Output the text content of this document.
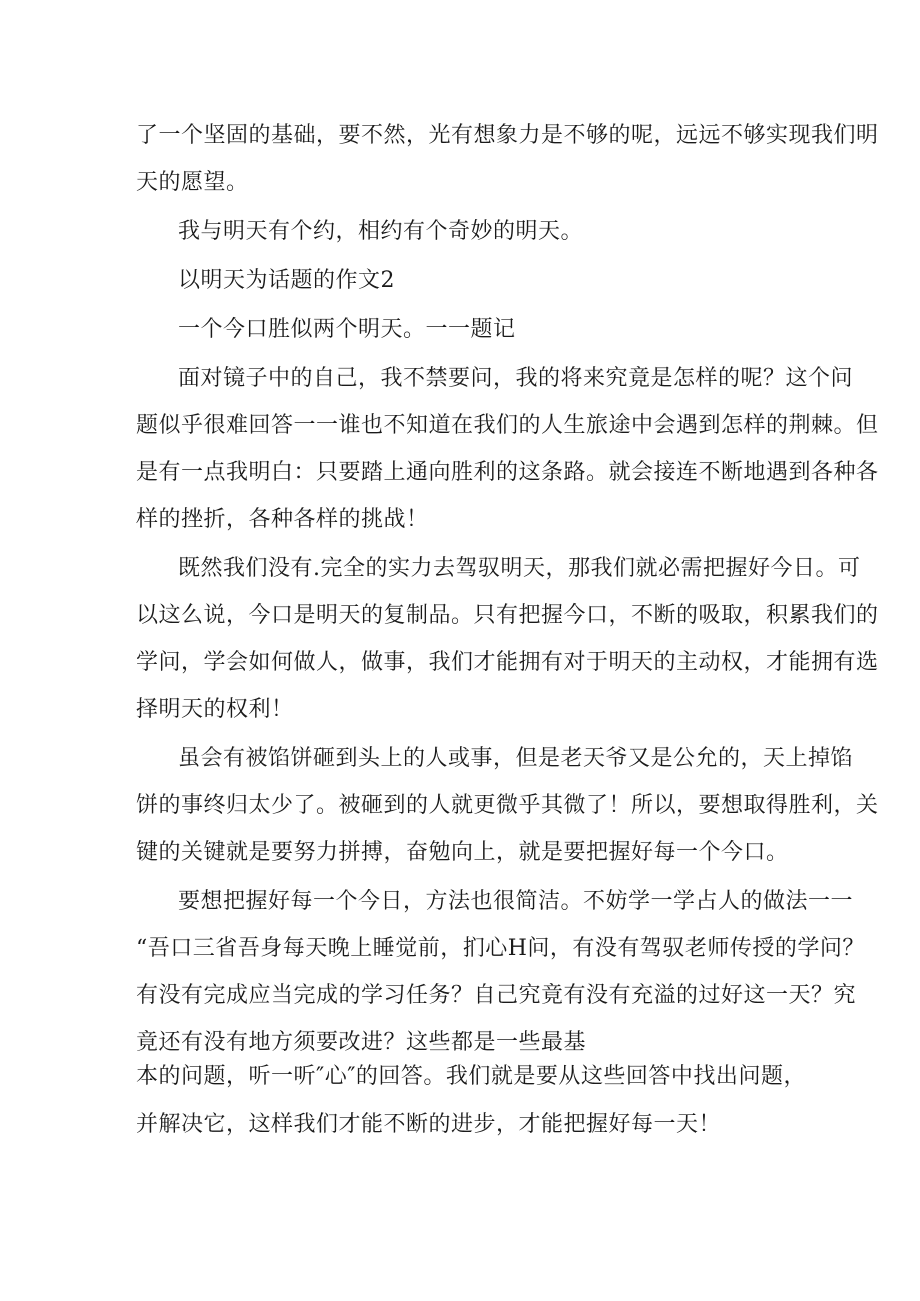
了一个坚固的基础，要不然，光有想象力是不够的呢，远远不够实现我们明

天的愿望。

我与明天有个约，相约有个奇妙的明天。

以明天为话题的作文2

一个今口胜似两个明天。一一题记

面对镜子中的自己，我不禁要问，我的将来究竟是怎样的呢？这个问

题似乎很难回答一一谁也不知道在我们的人生旅途中会遇到怎样的荆棘。但

是有一点我明白：只要踏上通向胜利的这条路。就会接连不断地遇到各种各

样的挫折，各种各样的挑战！

既然我们没有.完全的实力去驾驭明天，那我们就必需把握好今日。可

以这么说，今口是明天的复制品。只有把握今口，不断的吸取，积累我们的

学问，学会如何做人，做事，我们才能拥有对于明天的主动权，才能拥有选

择明天的权利！

虽会有被馅饼砸到头上的人或事，但是老天爷又是公允的，天上掉馅

饼的事终归太少了。被砸到的人就更微乎其微了！所以，要想取得胜利，关

键的关键就是要努力拼搏，奋勉向上，就是要把握好每一个今口。

要想把握好每一个今日，方法也很简洁。不妨学一学占人的做法一一

“吾口三省吾身每天晚上睡觉前，扪心H问，有没有驾驭老师传授的学问？

有没有完成应当完成的学习任务？自己究竟有没有充溢的过好这一天？究

竟还有没有地方须要改进？这些都是一些最基

本的问题，听一听″心″的回答。我们就是要从这些回答中找出问题，

并解决它，这样我们才能不断的进步，才能把握好每一天！
